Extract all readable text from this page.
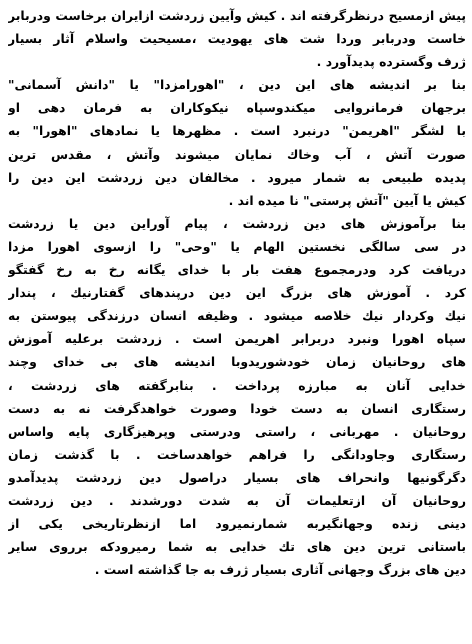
پيش ازمسيح درنظرگرفته اند . كيش وآيين زردشت ازايران برخاست ودربابر
خاست ودربابر وردا شت هاى يهوديت ،مسيحيت واسلام آثار بسيار
ژرف وگسترده پديدآورد .
بنا بر انديشه هاى اين دين ، "اهورامزدا" يا "دانش آسمانى"
برجهان فرمانروايى ميكندوسپاه نيكوكاران به فرمان دهى او
با لشگر "اهريمن" درنبرد است . مظهرها يا نمادهاى "اهورا" به
صورت آتش ، آب وخاك نمايان ميشوند وآتش ، مقدس ترين
پديده طبيعى به شمار ميرود . مخالفان دين زردشت اين دين را
كيش يا آيين "آتش پرستى" نا ميده اند .
بنا برآموزش هاى دين زردشت ، پيام آوراين دين يا زردشت
در سى سالگى نخستين الهام يا "وحى" را ازسوى اهورا مزدا
دريافت كرد ودرمجموع هفت بار با خداى يگانه رخ به رخ گفتگو
كرد . آموزش هاى بزرگ اين دين درپندهاى گفتارنيك ، پندار
نيك وكردار نيك خلاصه ميشود . وظيفه انسان درزندگى پيوستن به
سپاه اهورا ونبرد دربرابر اهريمن است . زردشت برعليه آموزش
هاى روحانيان زمان خودشوريدوبا انديشه هاى بى خداى وچند
خدايى آنان به مبارزه پرداخت . بنابرگفته هاى زردشت ،
رستگارى انسان به دست خودا وصورت خواهدگرفت نه به دست
روحانيان . مهربانى ، راستى ودرستى وپرهيزگارى پايه واساس
رستگارى وجاودانگى را فراهم خواهدساخت . با گذشت زمان
دگرگونيها وانحراف هاى بسيار دراصول دين زردشت پديدآمدو
روحانيان آن ازتعليمات آن به شدت دورشدند . دين زردشت
دينى زنده وجهانگيربه شمارنميرود اما ازنظرتاريخى يكى از
باستانى ترين دين هاى تك خدايى به شما رميرودكه برروى ساير
دين هاى بزرگ وجهانى آثارى بسيار ژرف به جا گذاشته است .
